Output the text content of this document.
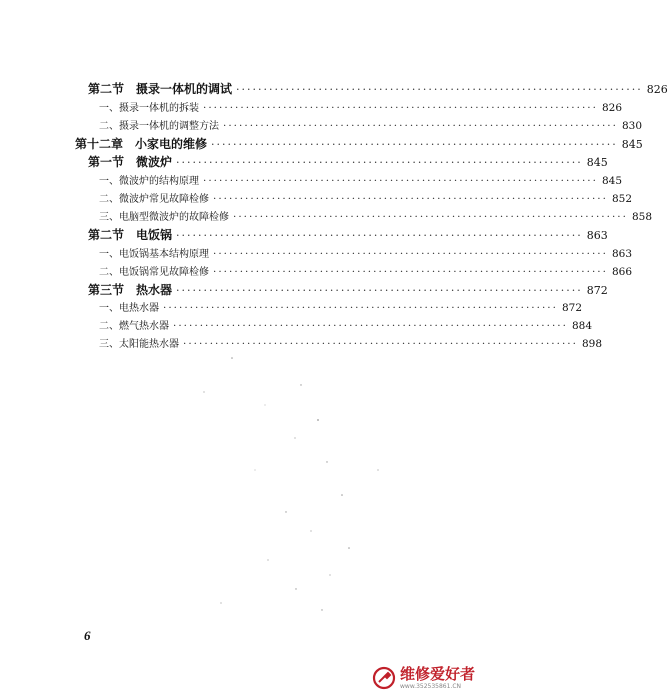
第二节 摄录一体机的调试 ·········································································· 826
一、摄录一体机的拆装 ·········································································· 826
二、摄录一体机的调整方法 ·········································································· 830
第十二章 小家电的维修 ·········································································· 845
第一节 微波炉 ·········································································· 845
一、微波炉的结构原理 ·········································································· 845
二、微波炉常见故障检修 ·········································································· 852
三、电脑型微波炉的故障检修 ·········································································· 858
第二节 电饭锅 ·········································································· 863
一、电饭锅基本结构原理 ·········································································· 863
二、电饭锅常见故障检修 ·········································································· 866
第三节 热水器 ·········································································· 872
一、电热水器 ·········································································· 872
二、燃气热水器 ·········································································· 884
三、太阳能热水器 ·········································································· 898
6
维修爱好者
www.352535861.CN
